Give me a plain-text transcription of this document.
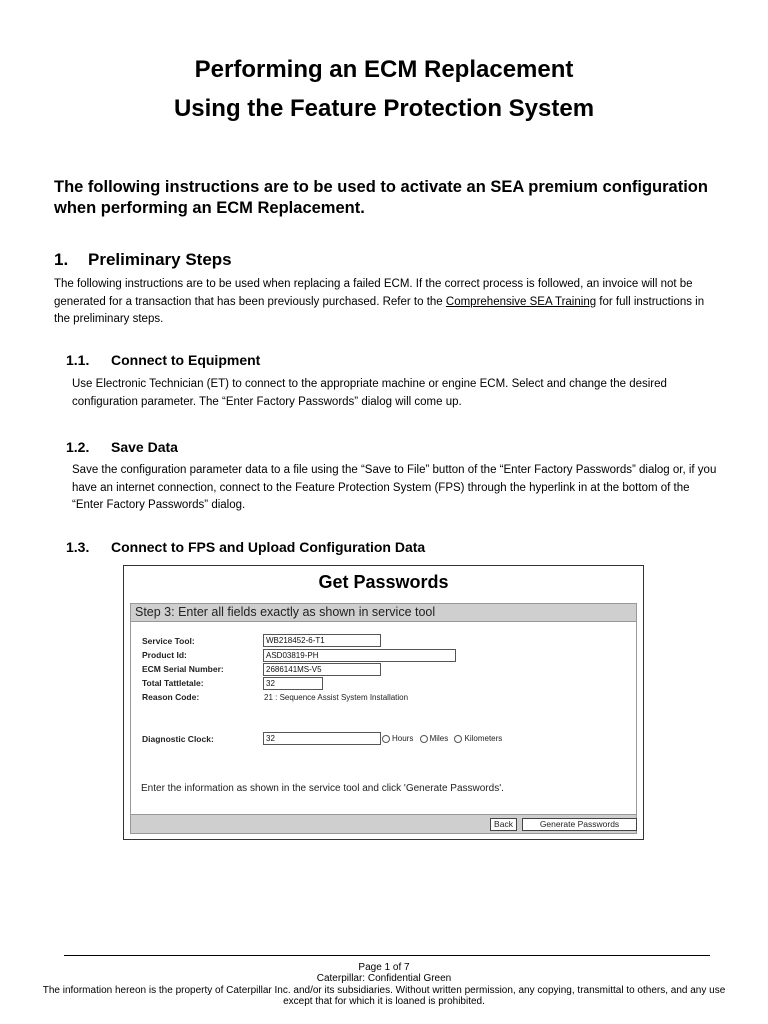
Performing an ECM Replacement
Using the Feature Protection System
The following instructions are to be used to activate an SEA premium configuration when performing an ECM Replacement.
1. Preliminary Steps
The following instructions are to be used when replacing a failed ECM. If the correct process is followed, an invoice will not be generated for a transaction that has been previously purchased. Refer to the Comprehensive SEA Training for full instructions in the preliminary steps.
1.1. Connect to Equipment
Use Electronic Technician (ET) to connect to the appropriate machine or engine ECM. Select and change the desired configuration parameter. The “Enter Factory Passwords” dialog will come up.
1.2. Save Data
Save the configuration parameter data to a file using the “Save to File” button of the “Enter Factory Passwords” dialog or, if you have an internet connection, connect to the Feature Protection System (FPS) through the hyperlink in at the bottom of the “Enter Factory Passwords” dialog.
1.3. Connect to FPS and Upload Configuration Data
Get Passwords
Step 3: Enter all fields exactly as shown in service tool
Service Tool:	WB218452-6-T1
Product Id:	ASD03819-PH
ECM Serial Number:	2686141MS-V5
Total Tattletale:	32
Reason Code:	21 : Sequence Assist System Installation
Diagnostic Clock:	32	Hours Miles Kilometers
Enter the information as shown in the service tool and click 'Generate Passwords'.
Back	Generate Passwords
Page 1 of 7
Caterpillar: Confidential Green
The information hereon is the property of Caterpillar Inc. and/or its subsidiaries. Without written permission, any copying, transmittal to others, and any use
except that for which it is loaned is prohibited.
